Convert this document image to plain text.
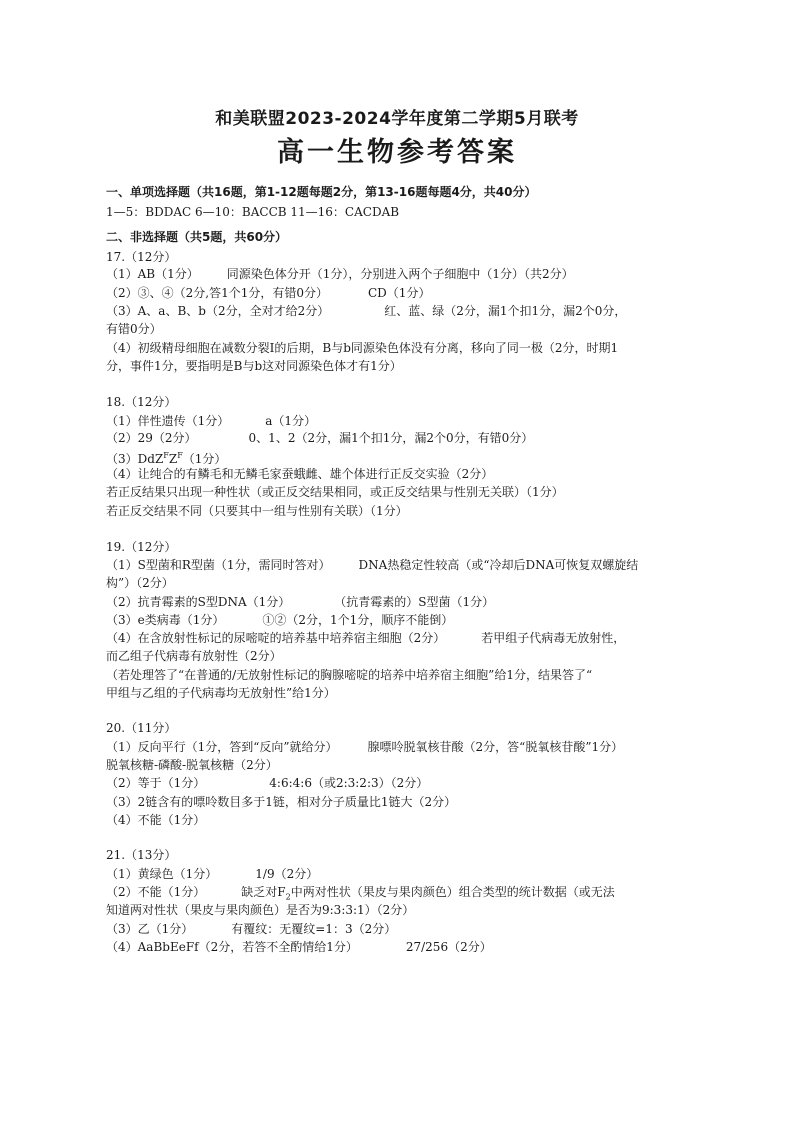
和美联盟2023-2024学年度第二学期5月联考
高一生物参考答案
一、单项选择题（共16题，第1-12题每题2分，第13-16题每题4分，共40分）
1—5：BDDAC 6—10：BACCB 11—16：CACDAB
二、非选择题（共5题，共60分）
17.（12分）
（1）AB（1分） 同源染色体分开（1分），分别进入两个子细胞中（1分）（共2分）
（2）③、④（2分,答1个1分，有错0分）	CD（1分）
（3）A、a、B、b（2分，全对才给2分）	红、蓝、绿（2分，漏1个扣1分，漏2个0分，
有错0分）
（4）初级精母细胞在减数分裂I的后期，B与b同源染色体没有分离，移向了同一极（2分，时期1
分，事件1分，要指明是B与b这对同源染色体才有1分）
18.（12分）
（1）伴性遗传（1分）	a（1分）
（2）29（2分）	0、1、2（2分，漏1个扣1分，漏2个0分，有错0分）
$(3)DdZ^FZ^F(1$分）
（4）让纯合的有鳞毛和无鳞毛家蚕蛾雌、雄个体进行正反交实验（2分）
若正反结果只出现一种性状（或正反交结果相同，或正反交结果与性别无关联）（1分）
若正反交结果不同（只要其中一组与性别有关联）（1分）
19.（12分）
（1）S型菌和R型菌（1分，需同时答对） DNA热稳定性较高（或“冷却后DNA可恢复双螺旋结
构”）（2分）
（2）抗青霉素的S型DNA（1分）	（抗青霉素的）S型菌（1分）
（3）e类病毒（1分）	①②（2分，1个1分，顺序不能倒）
（4）在含放射性标记的尿嘧啶的培养基中培养宿主细胞（2分）	若甲组子代病毒无放射性，
而乙组子代病毒有放射性（2分）
（若处理答了“在普通的/无放射性标记的胸腺嘧啶的培养中培养宿主细胞”给1分，结果答了“
甲组与乙组的子代病毒均无放射性”给1分）
20.（11分）
（1）反向平行（1分，答到“反向”就给分）	腺嘌呤脱氧核苷酸（2分，答“脱氧核苷酸”1分）
脱氧核糖-磷酸-脱氧核糖（2分）
（2）等于（1分）	4:6:4:6（或2:3:2:3）（2分）
（3）2链含有的嘌呤数目多于1链，相对分子质量比1链大（2分）
（4）不能（1分）
21.（13分）
（1）黄绿色（1分）	1/9（2分）
（2）不能（1分）	缺乏对$F_2$中两对性状（果皮与果肉颜色）组合类型的统计数据（或无法
知道两对性状（果皮与果肉颜色）是否为9:3:3:1）（2分）
（3）乙（1分）	有覆纹：无覆纹=1：3（2分）
（4）AaBbEeFf（2分，若答不全酌情给1分）	27/256（2分）
